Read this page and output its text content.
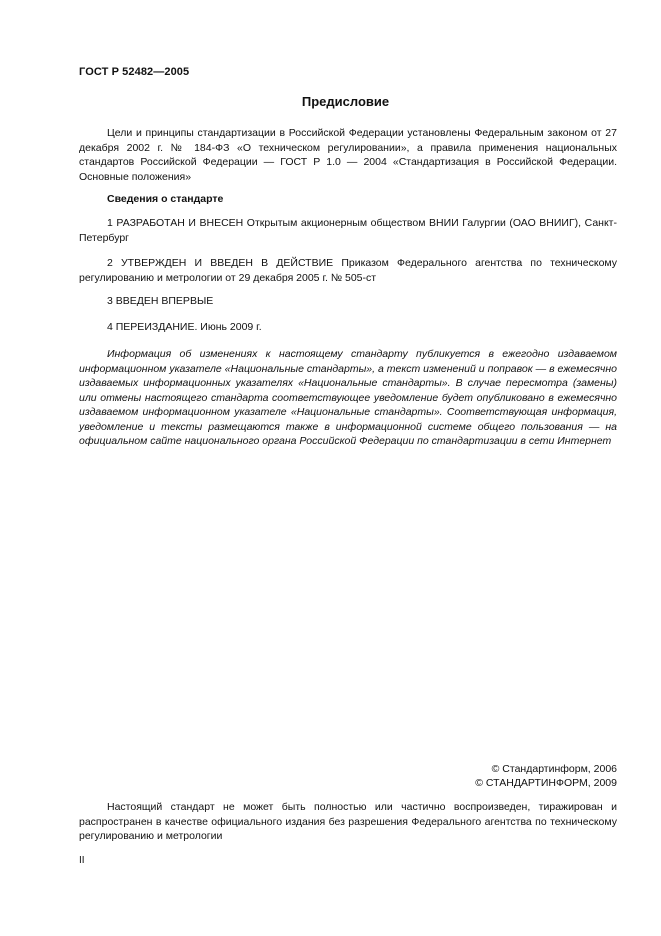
ГОСТ Р 52482—2005
Предисловие

Цели и принципы стандартизации в Российской Федерации установлены Федеральным законом от 27 декабря 2002 г. № 184-ФЗ «О техническом регулировании», а правила применения национальных стандартов Российской Федерации — ГОСТ Р 1.0 — 2004 «Стандартизация в Российской Федерации. Основные положения»

Сведения о стандарте

1 РАЗРАБОТАН И ВНЕСЕН Открытым акционерным обществом ВНИИ Галургии (ОАО ВНИИГ), Санкт-Петербург

2 УТВЕРЖДЕН И ВВЕДЕН В ДЕЙСТВИЕ Приказом Федерального агентства по техническому регулированию и метрологии от 29 декабря 2005 г. № 505-ст

3 ВВЕДЕН ВПЕРВЫЕ

4 ПЕРЕИЗДАНИЕ. Июнь 2009 г.

Информация об изменениях к настоящему стандарту публикуется в ежегодно издаваемом информационном указателе «Национальные стандарты», а текст изменений и поправок — в ежемесячно издаваемых информационных указателях «Национальные стандарты». В случае пересмотра (замены) или отмены настоящего стандарта соответствующее уведомление будет опубликовано в ежемесячно издаваемом информационном указателе «Национальные стандарты». Соответствующая информация, уведомление и тексты размещаются также в информационной системе общего пользования — на официальном сайте национального органа Российской Федерации по стандартизации в сети Интернет

© Стандартинформ, 2006
© СТАНДАРТИНФОРМ, 2009

Настоящий стандарт не может быть полностью или частично воспроизведен, тиражирован и распространен в качестве официального издания без разрешения Федерального агентства по техническому регулированию и метрологии

II
